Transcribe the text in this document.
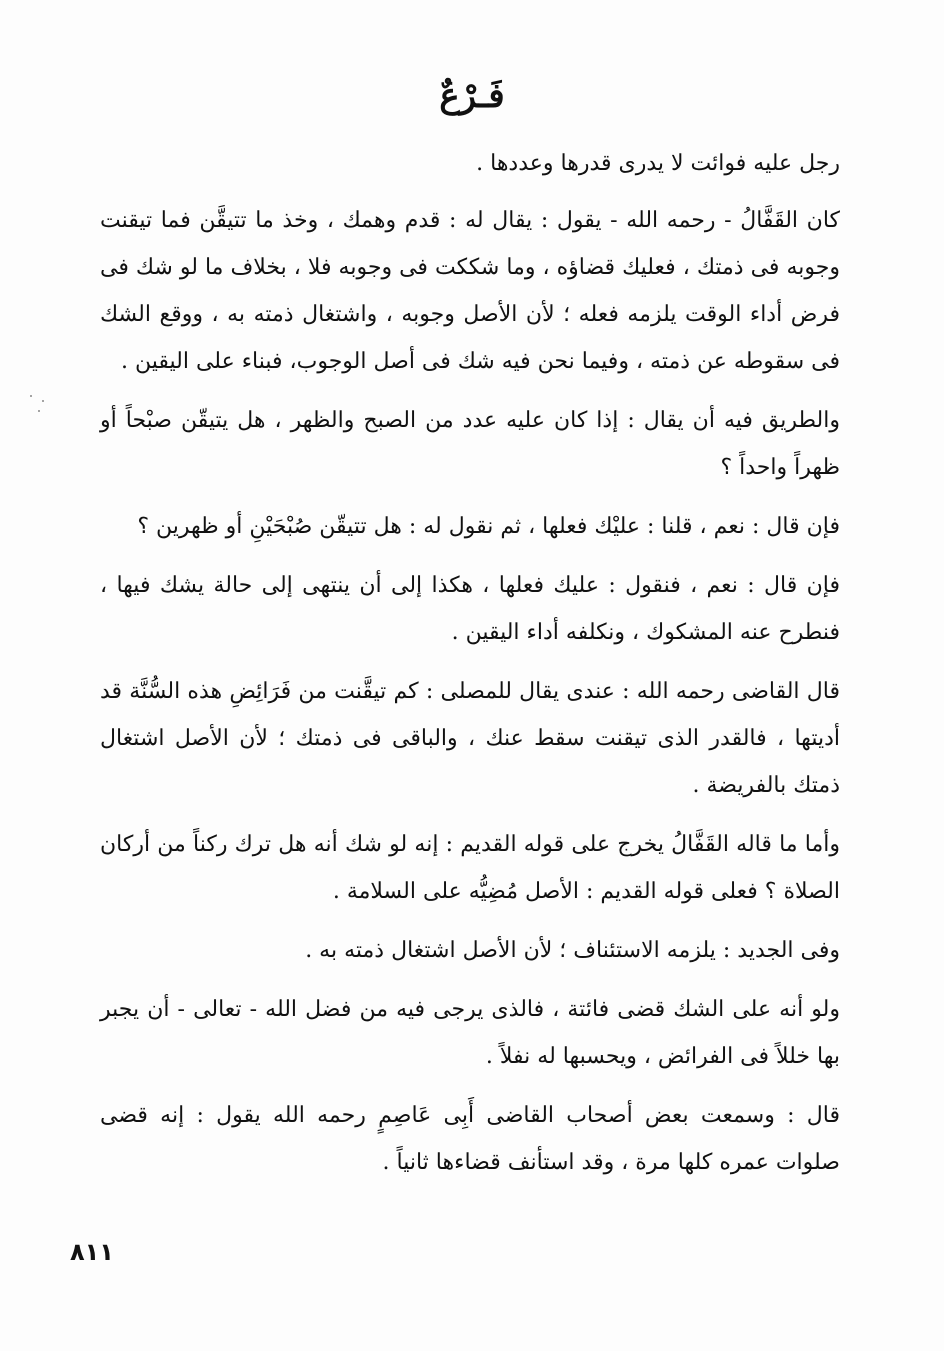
فَـرْعٌ

رجل عليه فوائت لا يدرى قدرها وعددها .

كان القَفَّالُ - رحمه الله - يقول : يقال له : قدم وهمك ، وخذ ما تتيقَّن فما تيقنت وجوبه فى ذمتك ، فعليك قضاؤه ، وما شككت فى وجوبه فلا ، بخلاف ما لو شك فى فرض أداء الوقت يلزمه فعله ؛ لأن الأصل وجوبه ، واشتغال ذمته به ، ووقع الشك فى سقوطه عن ذمته ، وفيما نحن فيه شك فى أصل الوجوب، فبناء على اليقين .

والطريق فيه أن يقال : إذا كان عليه عدد من الصبح والظهر ، هل يتيقّن صبْحاً أو ظهراً واحداً ؟

فإن قال : نعم ، قلنا : عليْك فعلها ، ثم نقول له : هل تتيقّن صُبْحَيْنِ أو ظهرين ؟

فإن قال : نعم ، فنقول : عليك فعلها ، هكذا إلى أن ينتهى إلى حالة يشك فيها ، فنطرح عنه المشكوك ، ونكلفه أداء اليقين .

قال القاضى رحمه الله : عندى يقال للمصلى : كم تيقَّنت من فَرَائِضِ هذه السُّنَّة قد أديتها ، فالقدر الذى تيقنت سقط عنك ، والباقى فى ذمتك ؛ لأن الأصل اشتغال ذمتك بالفريضة .

وأما ما قاله القَفَّالُ يخرج على قوله القديم : إنه لو شك أنه هل ترك ركناً من أركان الصلاة ؟ فعلى قوله القديم : الأصل مُضِيُّه على السلامة .

وفى الجديد : يلزمه الاستئناف ؛ لأن الأصل اشتغال ذمته به .

ولو أنه على الشك قضى فائتة ، فالذى يرجى فيه من فضل الله - تعالى - أن يجبر بها خللاً فى الفرائض ، ويحسبها له نفلاً .

قال : وسمعت بعض أصحاب القاضى أَبِى عَاصِمٍ رحمه الله يقول : إنه قضى صلوات عمره كلها مرة ، وقد استأنف قضاءها ثانياً .

٨١١
